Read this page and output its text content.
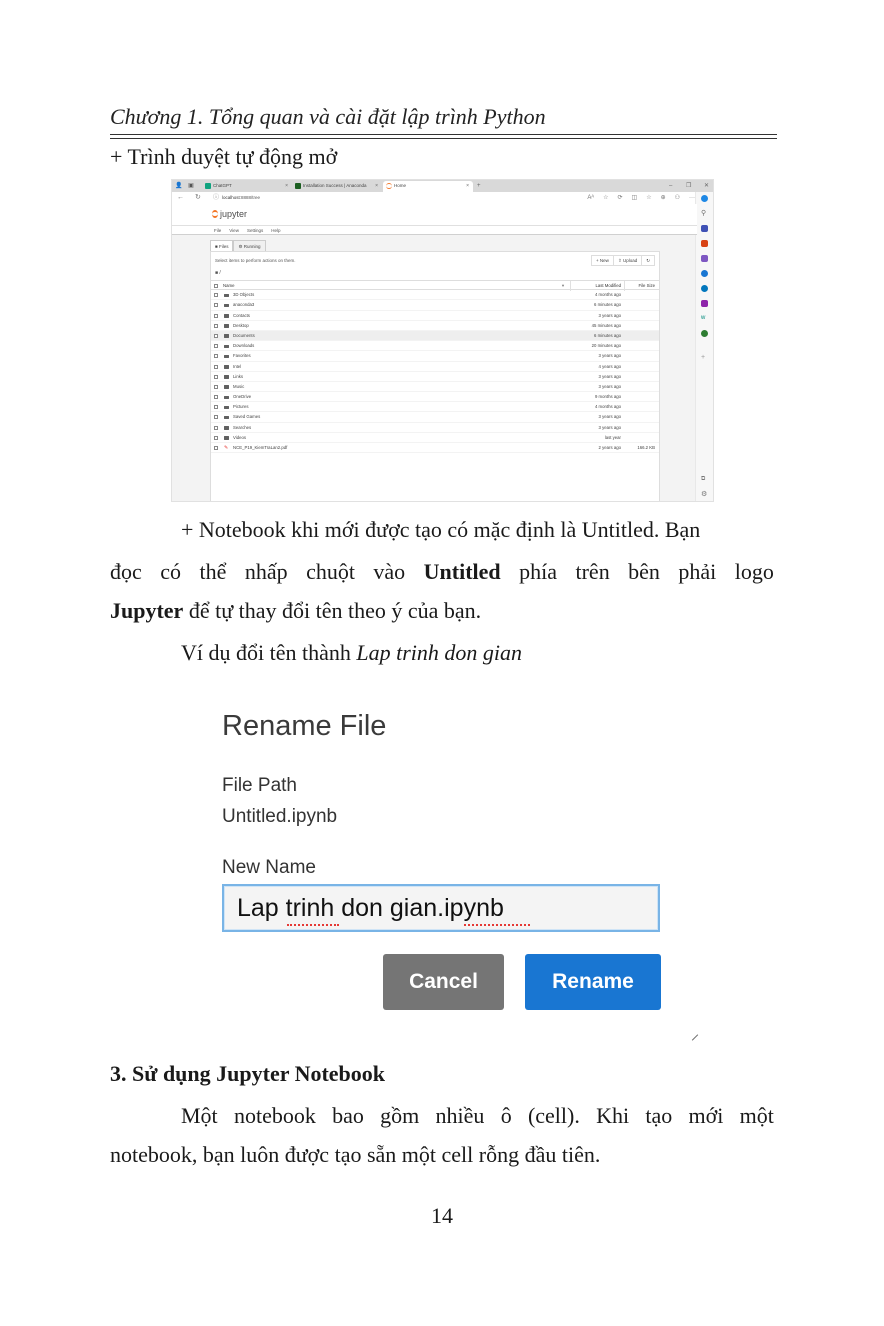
Chương 1. Tổng quan và cài đặt lập trình Python
+ Trình duyệt tự động mở
👤 ▣	ChatGPT	×	Installation Success | Anaconda ×	Home	× +	– ❐ ✕
← ↻ ⓘ localhost:8888/tree	Aᴬ ☆ ⟳ ◫ ☆ ⊕ ⚇ ···
⚲
w
+
⧉
⚙
jupyter
File View Settings Help
■ Files	⚙ Running
Select items to perform actions on them.	+ New	⇧ Upload	↻
■ /
Name	▾	Last Modified	File Size
3D Objects	4 months ago
anaconda3	6 minutes ago
Contacts	3 years ago
Desktop	45 minutes ago
Documents	6 minutes ago
Downloads	20 minutes ago
Favorites	3 years ago
Intel	4 years ago
Links	3 years ago
Music	3 years ago
OneDrive	9 months ago
Pictures	4 months ago
Saved Games	3 years ago
Searches	3 years ago
Videos	last year
✎ NCE_P19_KiemTraLan2.pdf	2 years ago	166.2 KB
+ Notebook khi mới được tạo có mặc định là Untitled. Bạn
đọc có thể nhấp chuột vào Untitled phía trên bên phải logo
Jupyter để tự thay đổi tên theo ý của bạn.
Ví dụ đổi tên thành Lap trinh don gian
Rename File
File Path
Untitled.ipynb
New Name
Lap trinh don gian.ipynb
Cancel	Rename
3. Sử dụng Jupyter Notebook
Một notebook bao gồm nhiều ô (cell). Khi tạo mới một
notebook, bạn luôn được tạo sẵn một cell rỗng đầu tiên.
14
